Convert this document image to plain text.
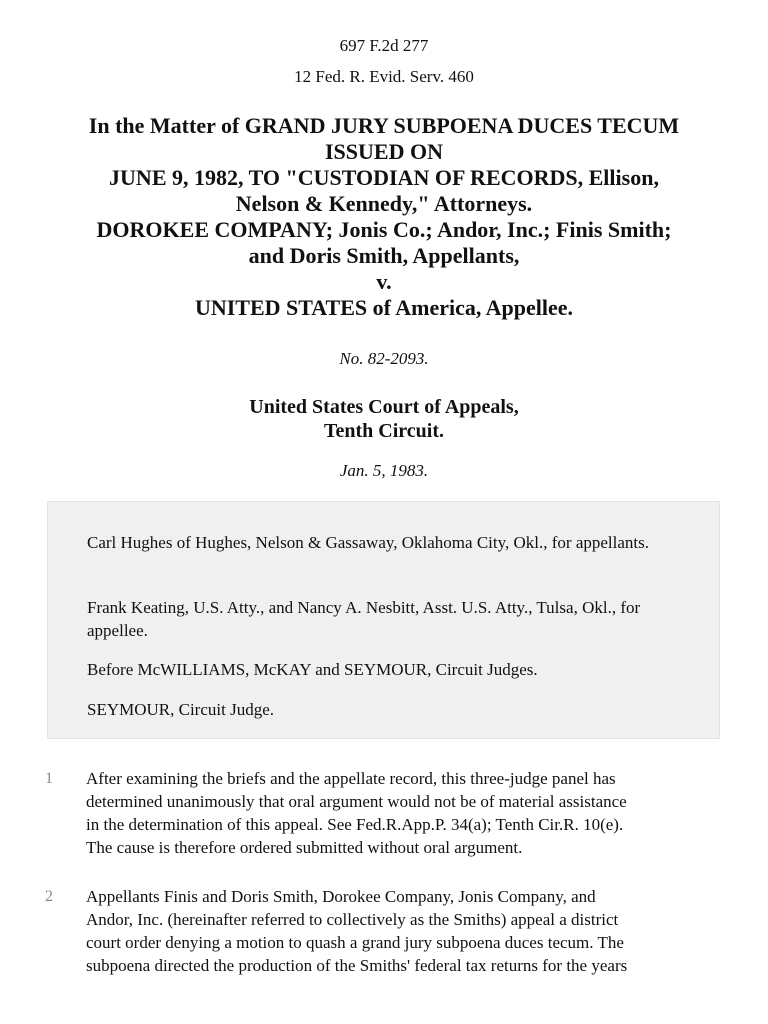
697 F.2d 277
12 Fed. R. Evid. Serv. 460
In the Matter of GRAND JURY SUBPOENA DUCES TECUM
ISSUED ON
JUNE 9, 1982, TO "CUSTODIAN OF RECORDS, Ellison,
Nelson & Kennedy," Attorneys.
DOROKEE COMPANY; Jonis Co.; Andor, Inc.; Finis Smith;
and Doris Smith, Appellants,
v.
UNITED STATES of America, Appellee.
No. 82-2093.
United States Court of Appeals,
Tenth Circuit.
Jan. 5, 1983.

Carl Hughes of Hughes, Nelson & Gassaway, Oklahoma City, Okl., for appellants.

Frank Keating, U.S. Atty., and Nancy A. Nesbitt, Asst. U.S. Atty., Tulsa, Okl., for appellee.

Before McWILLIAMS, McKAY and SEYMOUR, Circuit Judges.

SEYMOUR, Circuit Judge.

1 After examining the briefs and the appellate record, this three-judge panel has
determined unanimously that oral argument would not be of material assistance
in the determination of this appeal. See Fed.R.App.P. 34(a); Tenth Cir.R. 10(e).
The cause is therefore ordered submitted without oral argument.
2 Appellants Finis and Doris Smith, Dorokee Company, Jonis Company, and
Andor, Inc. (hereinafter referred to collectively as the Smiths) appeal a district
court order denying a motion to quash a grand jury subpoena duces tecum. The
subpoena directed the production of the Smiths' federal tax returns for the years
